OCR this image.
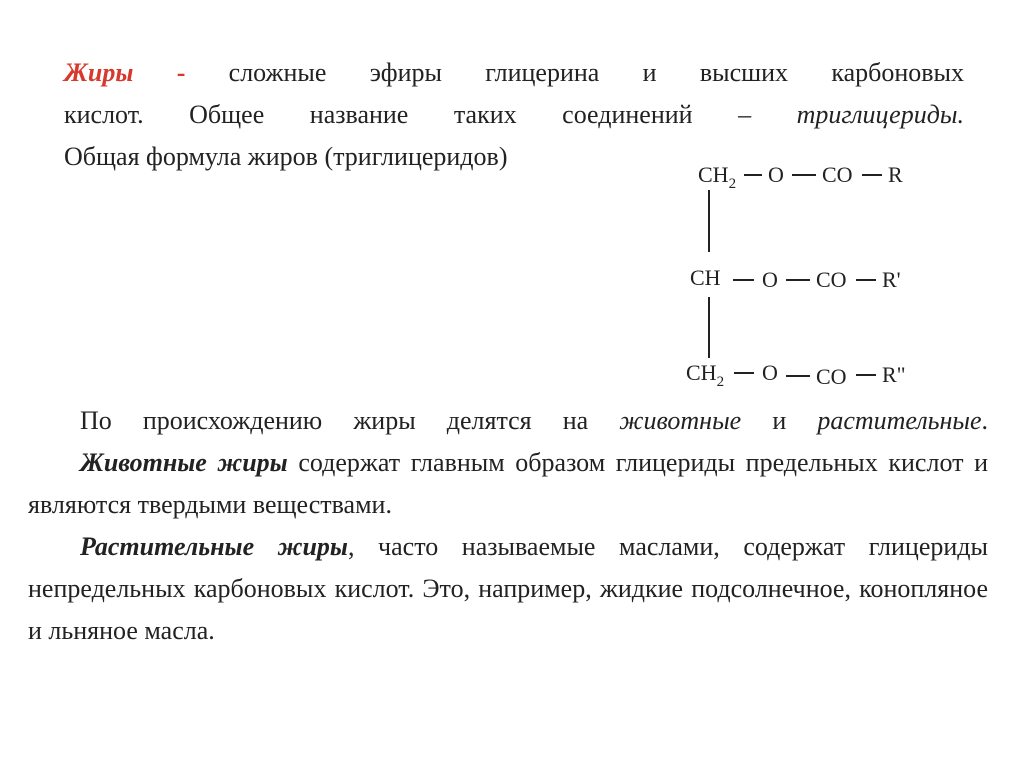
Жиры - сложные эфиры глицерина и высших карбоновых

кислот. Общее название таких соединений – триглицериды.

Общая формула жиров (триглицеридов)

$CH_2$ O CO R
CH O CO R'
$CH_2$ O CO R"

По происхождению жиры делятся на животные и растительные.

Животные жиры содержат главным образом глицериды предельных кислот и являются твердыми веществами.

Растительные жиры, часто называемые маслами, содержат глицериды непредельных карбоновых кислот. Это, например, жидкие подсолнечное, конопляное и льняное масла.
